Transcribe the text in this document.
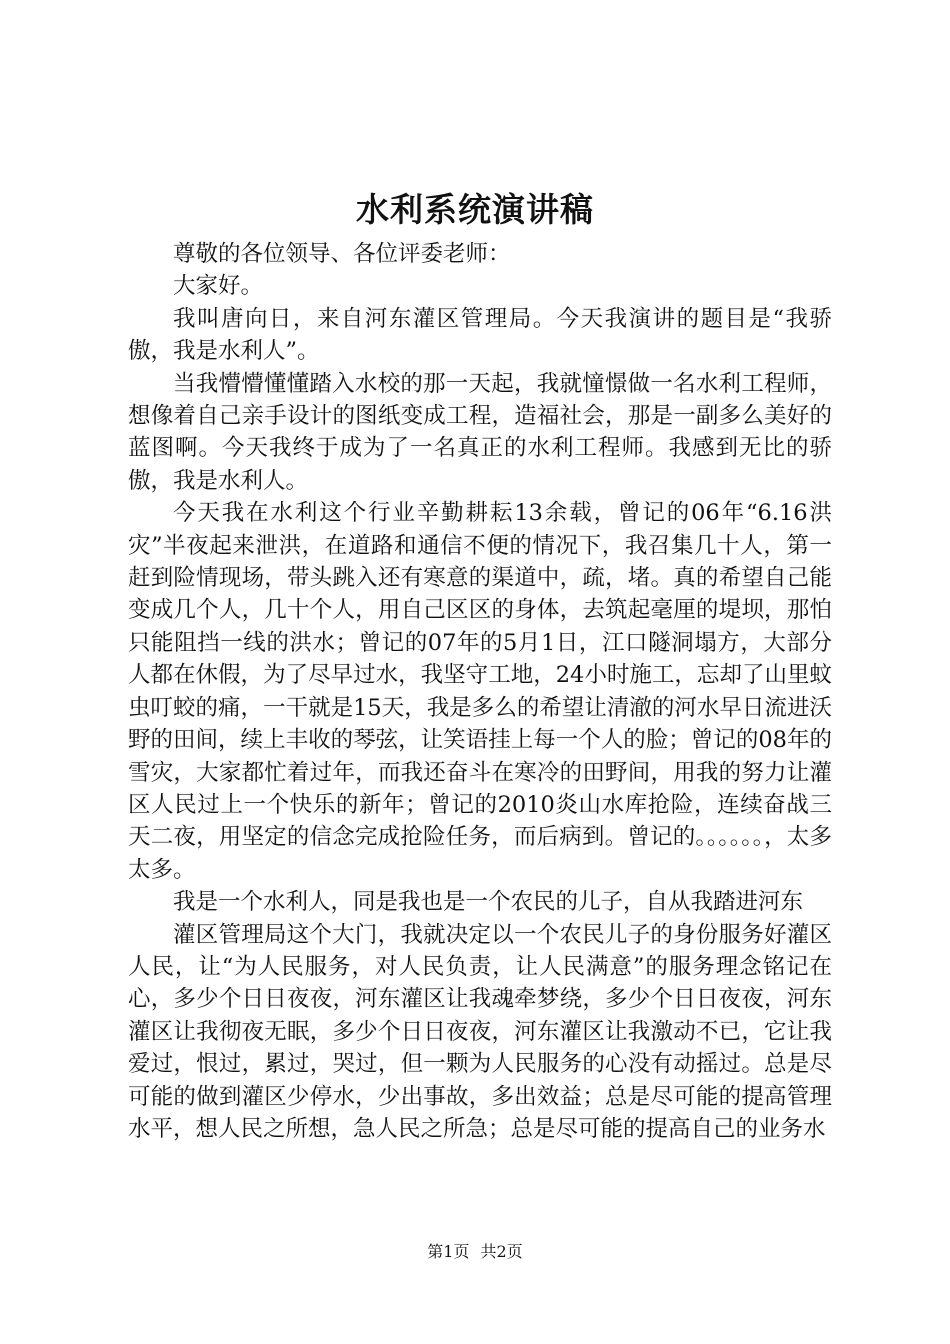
水利系统演讲稿

尊敬的各位领导、各位评委老师：

大家好。

我叫唐向日，来自河东灌区管理局。今天我演讲的题目是“我骄傲，我是水利人”。

当我懵懵懂懂踏入水校的那一天起，我就憧憬做一名水利工程师，想像着自己亲手设计的图纸变成工程，造福社会，那是一副多么美好的蓝图啊。今天我终于成为了一名真正的水利工程师。我感到无比的骄傲，我是水利人。

今天我在水利这个行业辛勤耕耘13余载，曾记的06年“6.16洪灾”半夜起来泄洪，在道路和通信不便的情况下，我召集几十人，第一赶到险情现场，带头跳入还有寒意的渠道中，疏，堵。真的希望自己能变成几个人，几十个人，用自己区区的身体，去筑起毫厘的堤坝，那怕只能阻挡一线的洪水；曾记的07年的5月1日，江口隧洞塌方，大部分人都在休假，为了尽早过水，我坚守工地，24小时施工，忘却了山里蚊虫叮蛟的痛，一干就是15天，我是多么的希望让清澈的河水早日流进沃野的田间，续上丰收的琴弦，让笑语挂上每一个人的脸；曾记的08年的雪灾，大家都忙着过年，而我还奋斗在寒冷的田野间，用我的努力让灌区人民过上一个快乐的新年；曾记的2010炎山水库抢险，连续奋战三天二夜，用坚定的信念完成抢险任务，而后病到。曾记的。。。。。。，太多太多。

我是一个水利人，同是我也是一个农民的儿子，自从我踏进河东

灌区管理局这个大门，我就决定以一个农民儿子的身份服务好灌区人民，让“为人民服务，对人民负责，让人民满意”的服务理念铭记在心，多少个日日夜夜，河东灌区让我魂牵梦绕，多少个日日夜夜，河东灌区让我彻夜无眠，多少个日日夜夜，河东灌区让我激动不已，它让我爱过，恨过，累过，哭过，但一颗为人民服务的心没有动摇过。总是尽可能的做到灌区少停水，少出事故，多出效益；总是尽可能的提高管理水平，想人民之所想，急人民之所急；总是尽可能的提高自己的业务水

第1页 共2页
